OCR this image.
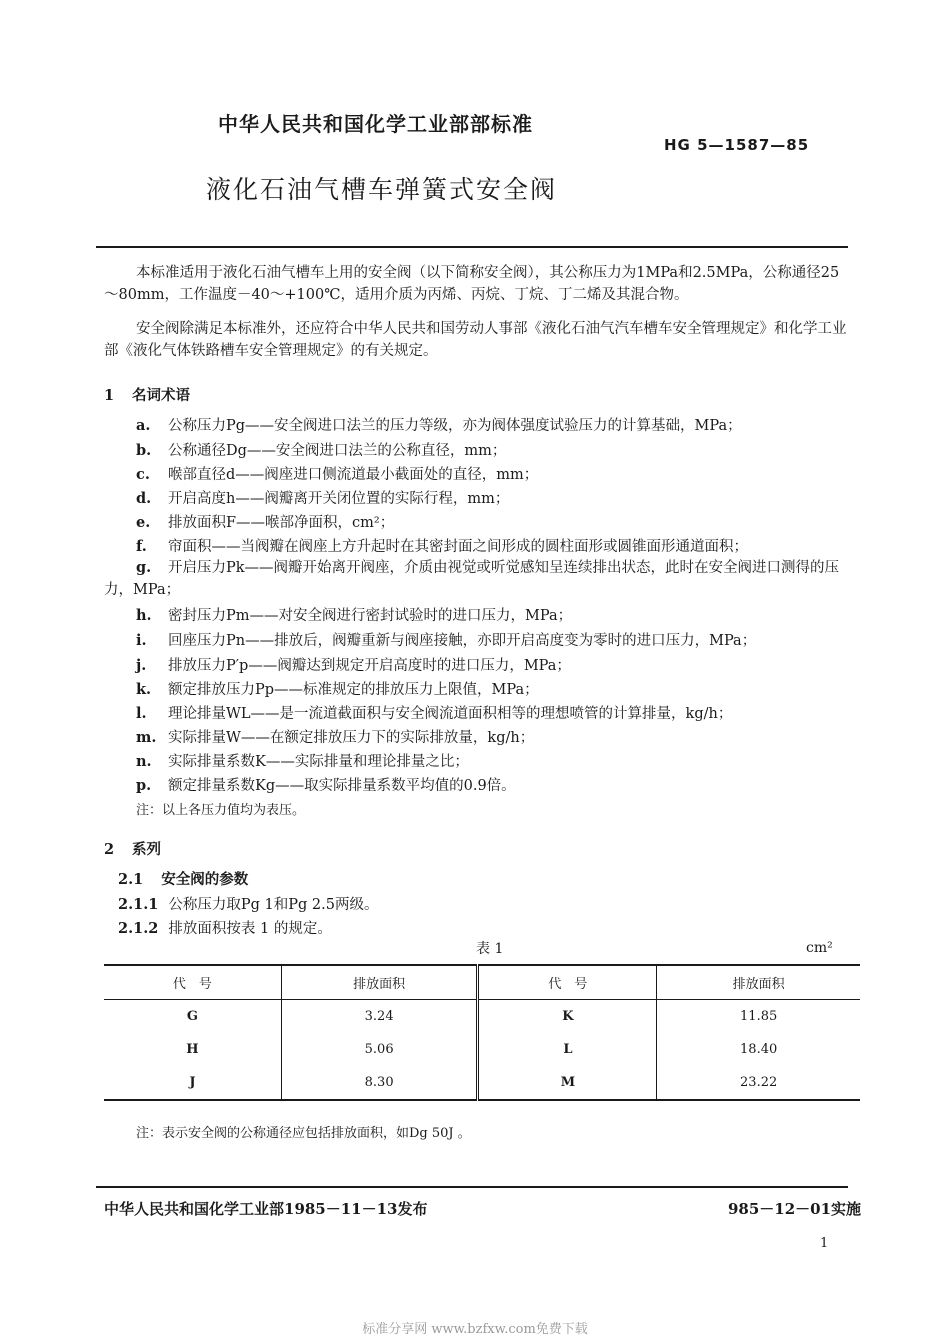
中华人民共和国化学工业部部标准
HG 5—1587—85
液化石油气槽车弹簧式安全阀
本标准适用于液化石油气槽车上用的安全阀（以下简称安全阀），其公称压力为1MPa和2.5MPa，公称通径25～80mm，工作温度－40～+100℃，适用介质为丙烯、丙烷、丁烷、丁二烯及其混合物。
安全阀除满足本标准外，还应符合中华人民共和国劳动人事部《液化石油气汽车槽车安全管理规定》和化学工业部《液化气体铁路槽车安全管理规定》的有关规定。
1 名词术语
a. 公称压力Pg——安全阀进口法兰的压力等级，亦为阀体强度试验压力的计算基础，MPa；
b. 公称通径Dg——安全阀进口法兰的公称直径，mm；
c. 喉部直径d——阀座进口侧流道最小截面处的直径，mm；
d. 开启高度h——阀瓣离开关闭位置的实际行程，mm；
e. 排放面积F——喉部净面积，cm²；
f. 帘面积——当阀瓣在阀座上方升起时在其密封面之间形成的圆柱面形或圆锥面形通道面积；
g. 开启压力Pk——阀瓣开始离开阀座，介质由视觉或听觉感知呈连续排出状态，此时在安全阀进口测得的压力，MPa；
h. 密封压力Pm——对安全阀进行密封试验时的进口压力，MPa；
i. 回座压力Pn——排放后，阀瓣重新与阀座接触，亦即开启高度变为零时的进口压力，MPa；
j. 排放压力P′p——阀瓣达到规定开启高度时的进口压力，MPa；
k. 额定排放压力Pp——标准规定的排放压力上限值，MPa；
l. 理论排量WL——是一流道截面积与安全阀流道面积相等的理想喷管的计算排量，kg/h；
m. 实际排量W——在额定排放压力下的实际排放量，kg/h；
n. 实际排量系数K——实际排量和理论排量之比；
p. 额定排量系数Kg——取实际排量系数平均值的0.9倍。
注：以上各压力值均为表压。
2 系列
2.1 安全阀的参数
2.1.1 公称压力取Pg 1和Pg 2.5两级。
2.1.2 排放面积按表 1 的规定。
表 1	cm²
代　号	排放面积	代　号	排放面积
G	3.24	K	11.85
H	5.06	L	18.40
J	8.30	M	23.22
注：表示安全阀的公称通径应包括排放面积，如Dg 50J 。
中华人民共和国化学工业部1985－11－13发布	985－12－01实施
1
标准分享网 www.bzfxw.com免费下载
